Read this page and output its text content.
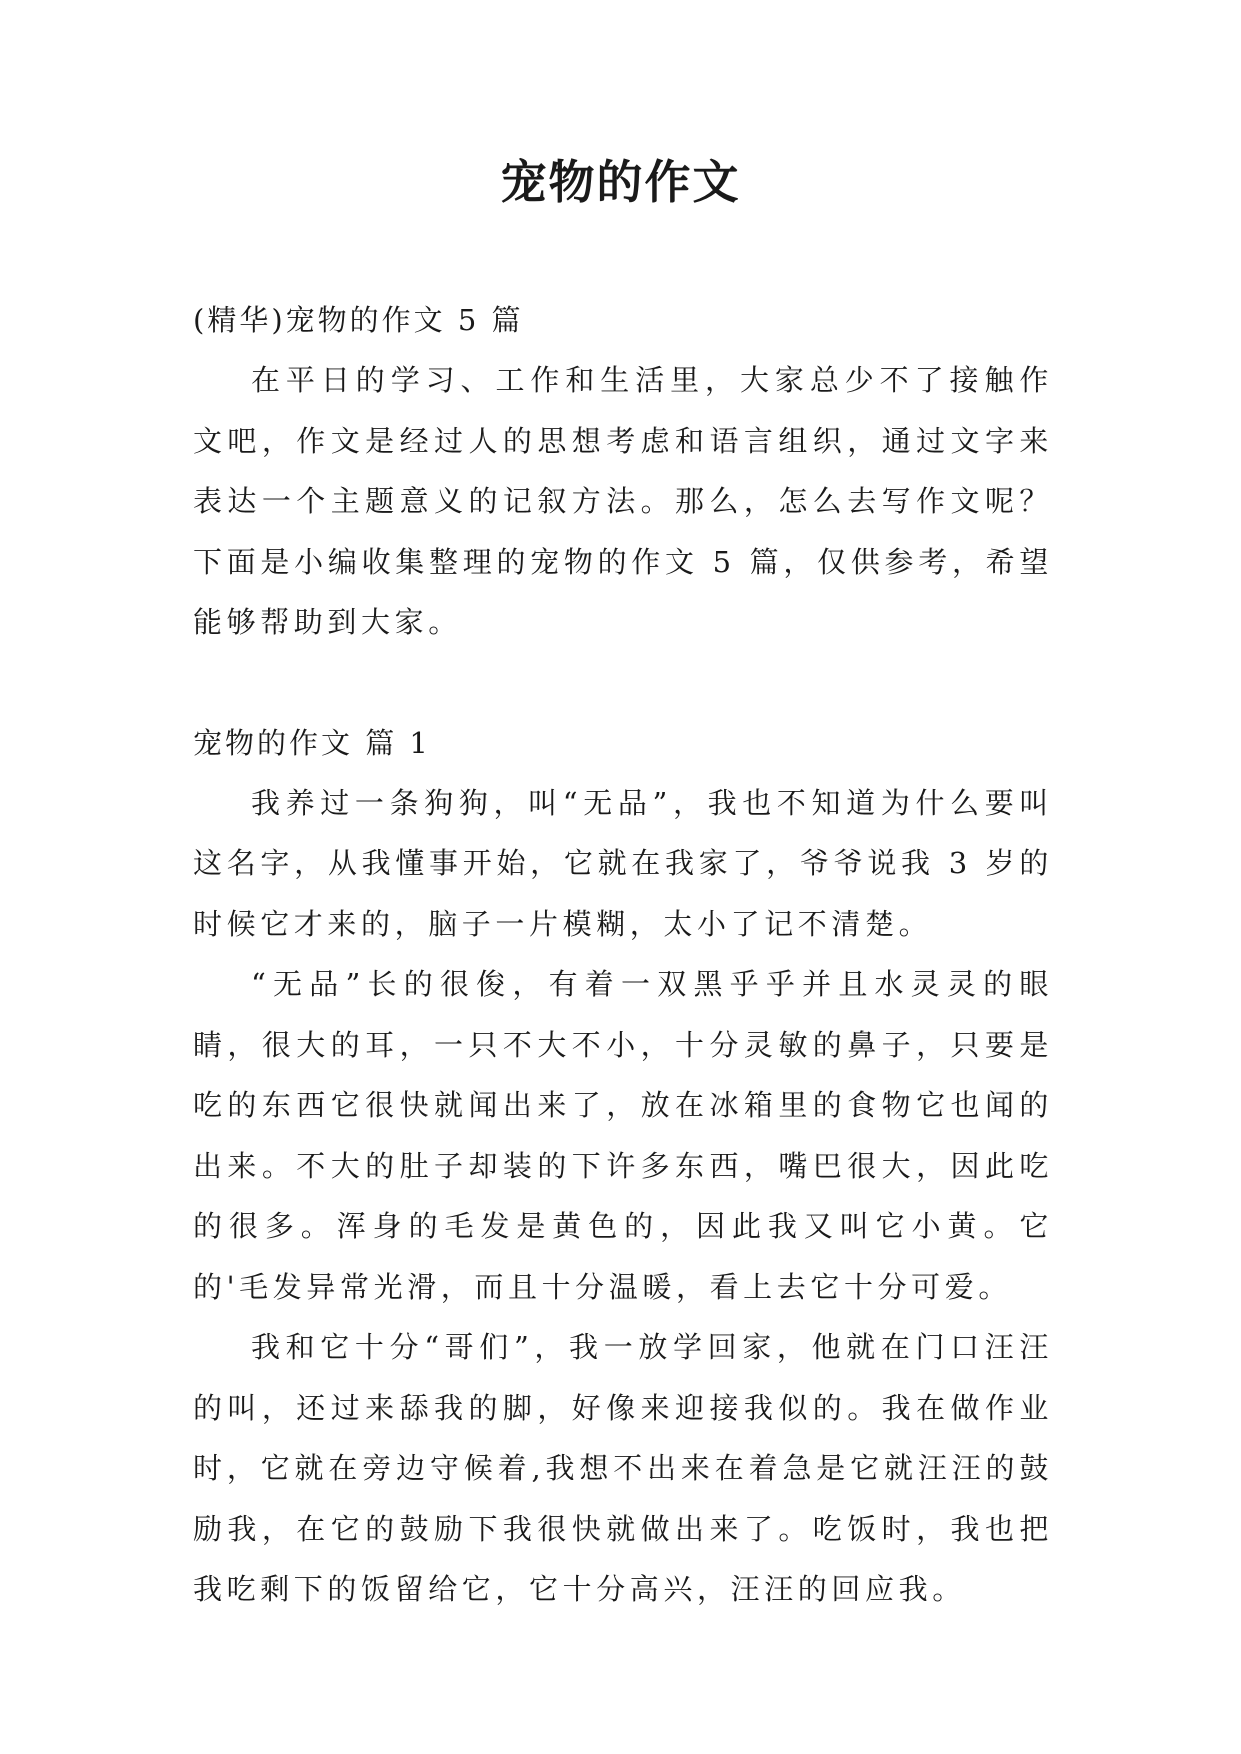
宠物的作文

(精华)宠物的作文 5 篇

在平日的学习、工作和生活里，大家总少不了接触作文吧，作文是经过人的思想考虑和语言组织，通过文字来表达一个主题意义的记叙方法。那么，怎么去写作文呢？下面是小编收集整理的宠物的作文 5 篇，仅供参考，希望能够帮助到大家。

宠物的作文 篇 1

我养过一条狗狗，叫“无品”，我也不知道为什么要叫这名字，从我懂事开始，它就在我家了，爷爷说我 3 岁的时候它才来的，脑子一片模糊，太小了记不清楚。

“无品”长的很俊，有着一双黑乎乎并且水灵灵的眼睛，很大的耳，一只不大不小，十分灵敏的鼻子，只要是吃的东西它很快就闻出来了，放在冰箱里的食物它也闻的出来。不大的肚子却装的下许多东西，嘴巴很大，因此吃的很多。浑身的毛发是黄色的，因此我又叫它小黄。它的'毛发异常光滑，而且十分温暖，看上去它十分可爱。

我和它十分“哥们”，我一放学回家，他就在门口汪汪的叫，还过来舔我的脚，好像来迎接我似的。我在做作业时，它就在旁边守候着,我想不出来在着急是它就汪汪的鼓励我，在它的鼓励下我很快就做出来了。吃饭时，我也把我吃剩下的饭留给它，它十分高兴，汪汪的回应我。
